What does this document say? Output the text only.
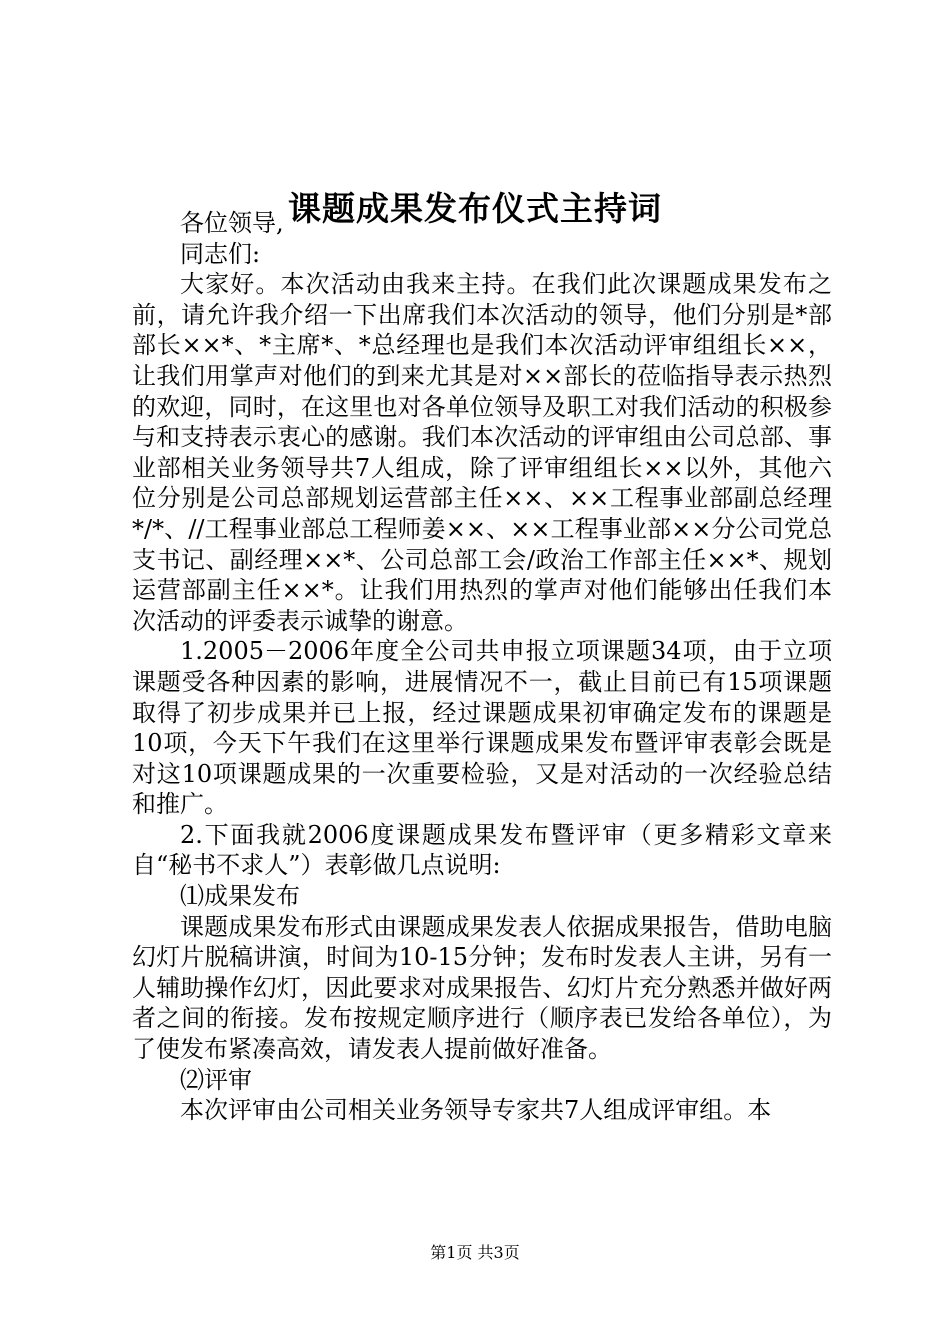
课题成果发布仪式主持词

各位领导,

同志们:

大家好。本次活动由我来主持。在我们此次课题成果发布之前，请允许我介绍一下出席我们本次活动的领导，他们分别是*部部长××*、*主席*、*总经理也是我们本次活动评审组组长××，让我们用掌声对他们的到来尤其是对××部长的莅临指导表示热烈的欢迎，同时，在这里也对各单位领导及职工对我们活动的积极参与和支持表示衷心的感谢。我们本次活动的评审组由公司总部、事业部相关业务领导共7人组成，除了评审组组长××以外，其他六位分别是公司总部规划运营部主任××、××工程事业部副总经理*/*、//工程事业部总工程师姜××、××工程事业部××分公司党总支书记、副经理××*、公司总部工会/政治工作部主任××*、规划运营部副主任××*。让我们用热烈的掌声对他们能够出任我们本次活动的评委表示诚挚的谢意。

1.2005－2006年度全公司共申报立项课题34项，由于立项课题受各种因素的影响，进展情况不一，截止目前已有15项课题取得了初步成果并已上报，经过课题成果初审确定发布的课题是10项，今天下午我们在这里举行课题成果发布暨评审表彰会既是对这10项课题成果的一次重要检验，又是对活动的一次经验总结和推广。

2.下面我就2006度课题成果发布暨评审（更多精彩文章来自“秘书不求人”）表彰做几点说明:

⑴成果发布

课题成果发布形式由课题成果发表人依据成果报告，借助电脑幻灯片脱稿讲演，时间为10-15分钟；发布时发表人主讲，另有一人辅助操作幻灯，因此要求对成果报告、幻灯片充分熟悉并做好两者之间的衔接。发布按规定顺序进行（顺序表已发给各单位），为了使发布紧凑高效，请发表人提前做好准备。

⑵评审

本次评审由公司相关业务领导专家共7人组成评审组。本

第1页 共3页
